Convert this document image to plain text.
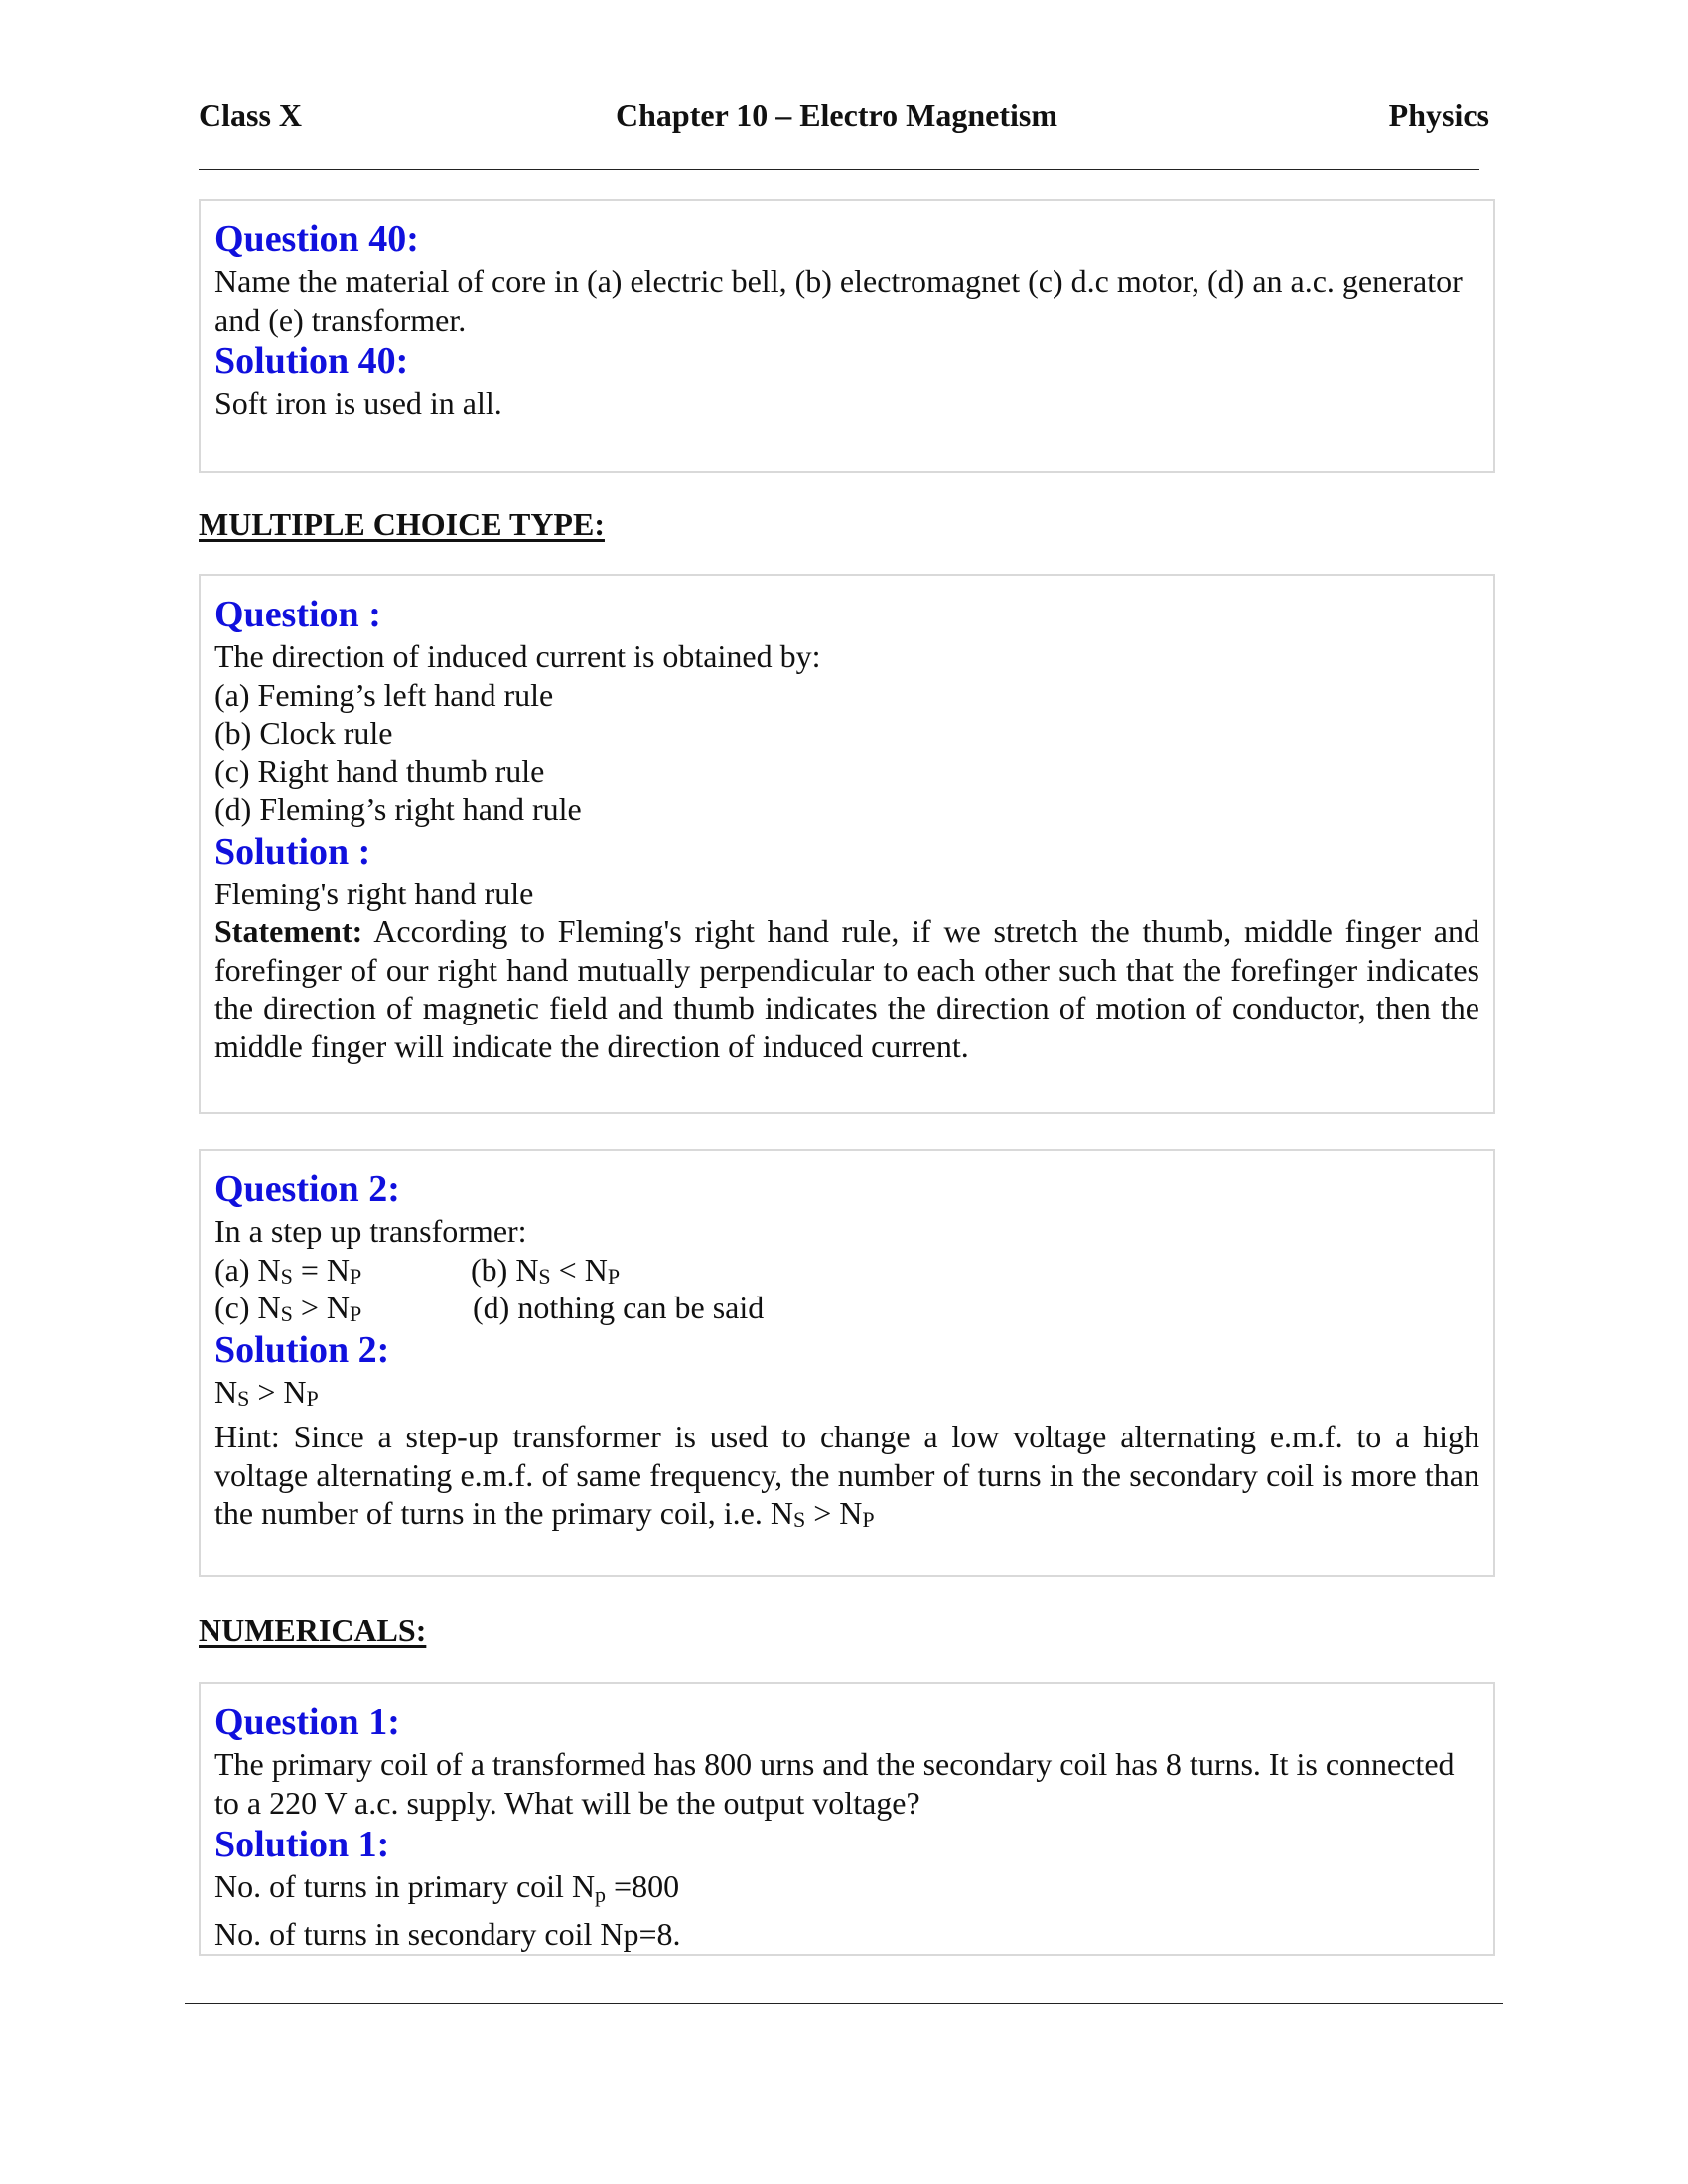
Class X	Chapter 10 – Electro Magnetism	Physics
Question 40:
Name the material of core in (a) electric bell, (b) electromagnet (c) d.c motor, (d) an a.c. generator and (e) transformer.
Solution 40:
Soft iron is used in all.
MULTIPLE CHOICE TYPE:
Question :
The direction of induced current is obtained by:
(a) Feming’s left hand rule
(b) Clock rule
(c) Right hand thumb rule
(d) Fleming’s right hand rule
Solution :
Fleming's right hand rule
Statement: According to Fleming's right hand rule, if we stretch the thumb, middle finger and forefinger of our right hand mutually perpendicular to each other such that the forefinger indicates the direction of magnetic field and thumb indicates the direction of motion of conductor, then the middle finger will indicate the direction of induced current.
Question 2:
In a step up transformer:
(a) $N_S = N_P$	(b) $N_S < N_P$
(c) $N_S > N_P$	(d) nothing can be said
Solution 2:
$N_S > N_P$
Hint: Since a step-up transformer is used to change a low voltage alternating e.m.f. to a high voltage alternating e.m.f. of same frequency, the number of turns in the secondary coil is more than the number of turns in the primary coil, i.e. $N_S > N_P$
NUMERICALS:
Question 1:
The primary coil of a transformed has 800 urns and the secondary coil has 8 turns. It is connected to a 220 V a.c. supply. What will be the output voltage?
Solution 1:
No. of turns in primary coil $N_p =800$
No. of turns in secondary coil Np=8.
